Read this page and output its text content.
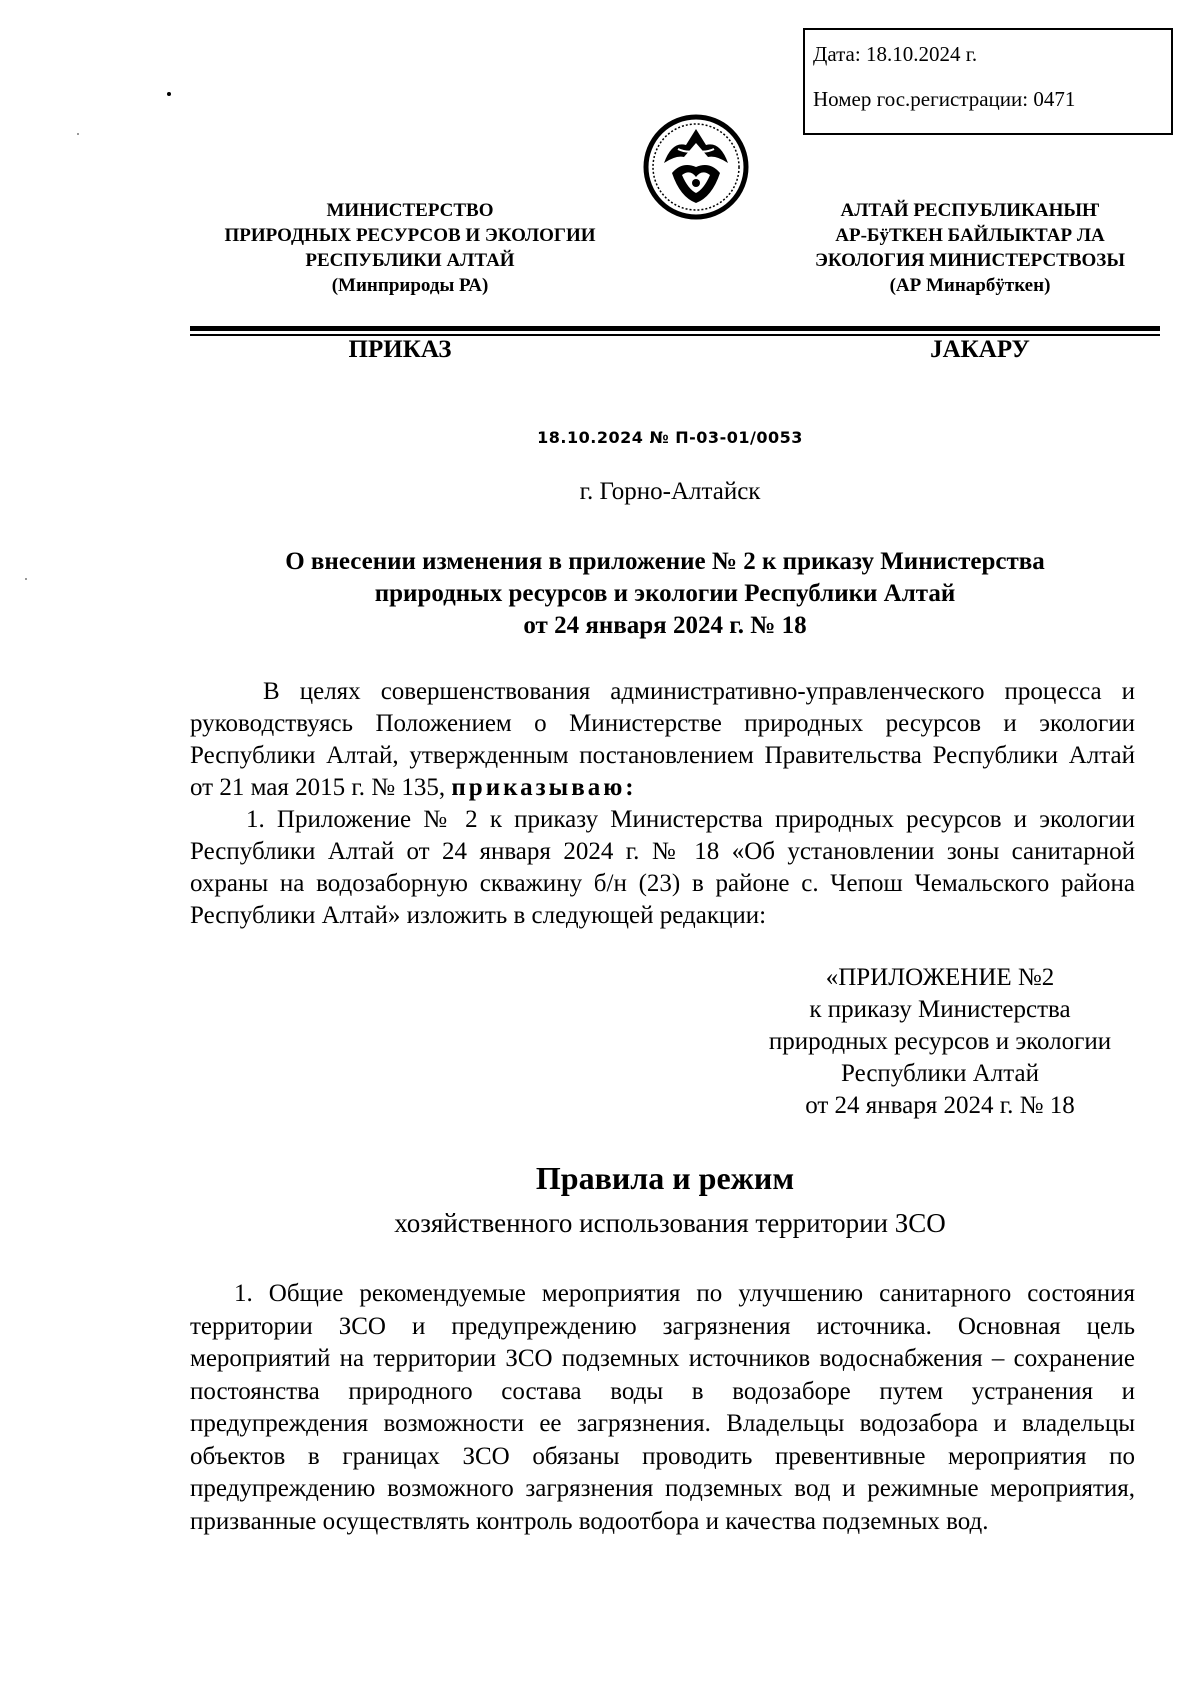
Дата: 18.10.2024 г.
Номер гос.регистрации: 0471
МИНИСТЕРСТВО
ПРИРОДНЫХ РЕСУРСОВ И ЭКОЛОГИИ
РЕСПУБЛИКИ АЛТАЙ
(Минприроды РА)
АЛТАЙ РЕСПУБЛИКАНЫҤ
АР-БÿТКЕН БАЙЛЫКТАР ЛА
ЭКОЛОГИЯ МИНИСТЕРСТВОЗЫ
(АР Минарбÿткен)
ПРИКАЗ	ЈАКАРУ
18.10.2024 № П-03-01/0053
г. Горно-Алтайск
О внесении изменения в приложение № 2 к приказу Министерства
природных ресурсов и экологии Республики Алтай
от 24 января 2024 г. № 18
В целях совершенствования административно-управленческого процесса и руководствуясь Положением о Министерстве природных ресурсов и экологии Республики Алтай, утвержденным постановлением Правительства Республики Алтай от 21 мая 2015 г. № 135, приказываю:
1. Приложение № 2 к приказу Министерства природных ресурсов и экологии Республики Алтай от 24 января 2024 г. № 18 «Об установлении зоны санитарной охраны на водозаборную скважину б/н (23) в районе с. Чепош Чемальского района Республики Алтай» изложить в следующей редакции:
«ПРИЛОЖЕНИЕ №2
к приказу Министерства
природных ресурсов и экологии
Республики Алтай
от 24 января 2024 г. № 18
Правила и режим
хозяйственного использования территории ЗСО
1. Общие рекомендуемые мероприятия по улучшению санитарного состояния территории ЗСО и предупреждению загрязнения источника. Основная цель мероприятий на территории ЗСО подземных источников водоснабжения – сохранение постоянства природного состава воды в водозаборе путем устранения и предупреждения возможности ее загрязнения. Владельцы водозабора и владельцы объектов в границах ЗСО обязаны проводить превентивные мероприятия по предупреждению возможного загрязнения подземных вод и режимные мероприятия, призванные осуществлять контроль водоотбора и качества подземных вод.
